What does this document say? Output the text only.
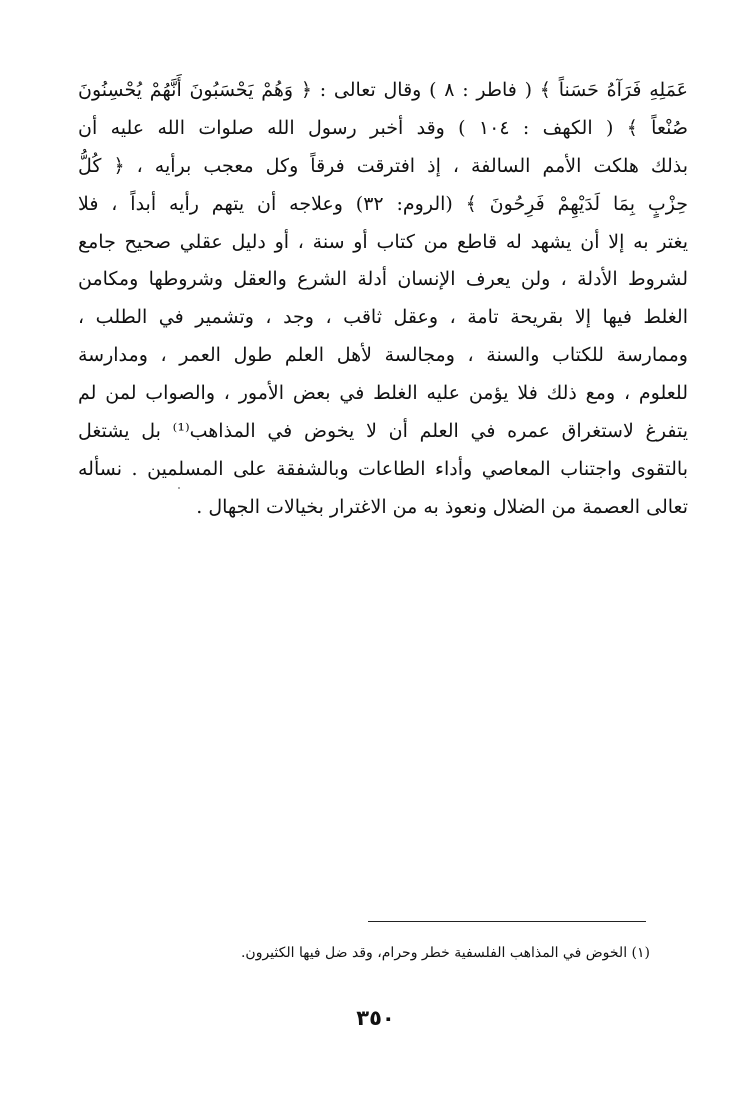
عَمَلِهِ فَرَآهُ حَسَناً ﴾ ( فاطر : ٨ ) وقال تعالى : ﴿ وَهُمْ يَحْسَبُونَ أَنَّهُمْ يُحْسِنُونَ
صُنْعاً ﴾ ( الكهف : ١٠٤ ) وقد أخبر رسول الله صلوات الله عليه أن
بذلك هلكت الأمم السالفة ، إذ افترقت فرقاً وكل معجب برأيه ، ﴿ كُلُّ
حِزْبٍ بِمَا لَدَيْهِمْ فَرِحُونَ ﴾ (الروم: ٣٢) وعلاجه أن يتهم رأيه أبداً ، فلا
يغتر به إلا أن يشهد له قاطع من كتاب أو سنة ، أو دليل عقلي صحيح جامع
لشروط الأدلة ، ولن يعرف الإنسان أدلة الشرع والعقل وشروطها ومكامن
الغلط فيها إلا بقريحة تامة ، وعقل ثاقب ، وجد ، وتشمير في الطلب ،
وممارسة للكتاب والسنة ، ومجالسة لأهل العلم طول العمر ، ومدارسة
للعلوم ، ومع ذلك فلا يؤمن عليه الغلط في بعض الأمور ، والصواب لمن لم
يتفرغ لاستغراق عمره في العلم أن لا يخوض في المذاهب⁽¹⁾ بل يشتغل
بالتقوى واجتناب المعاصي وأداء الطاعات وبالشفقة على المسلمين . نسأله
تعالى العصمة من الضلال ونعوذ به من الاغترار بخيالات الجهال .
(١) الخوض في المذاهب الفلسفية خطر وحرام، وقد ضل فيها الكثيرون.
٣٥٠
